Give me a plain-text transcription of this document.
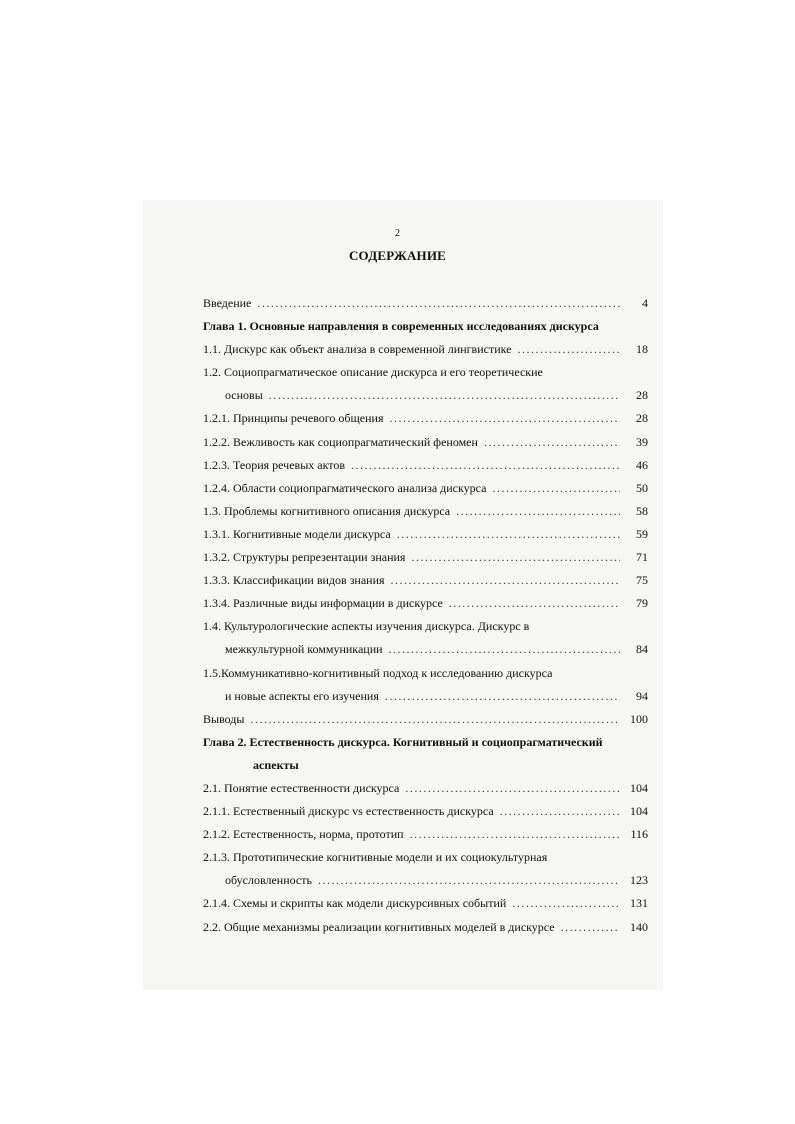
2
СОДЕРЖАНИЕ
Введение .....	4
Глава 1. Основные направления в современных исследованиях дискурса
1.1. Дискурс как объект анализа в современной лингвистике .....	18
1.2. Социопрагматическое описание дискурса и его теоретические
основы .....	28
1.2.1. Принципы речевого общения .....	28
1.2.2. Вежливость как социопрагматический феномен .....	39
1.2.3. Теория речевых актов .....	46
1.2.4. Области социопрагматического анализа дискурса .....	50
1.3. Проблемы когнитивного описания дискурса .....	58
1.3.1. Когнитивные модели дискурса .....	59
1.3.2. Структуры репрезентации знания .....	71
1.3.3. Классификации видов знания .....	75
1.3.4. Различные виды информации в дискурсе .....	79
1.4. Культурологические аспекты изучения дискурса. Дискурс в
межкультурной коммуникации .....	84
1.5.Коммуникативно-когнитивный подход к исследованию дискурса
и новые аспекты его изучения .....	94
Выводы .....	100
Глава 2. Естественность дискурса. Когнитивный и социопрагматический
аспекты
2.1. Понятие естественности дискурса .....	104
2.1.1. Естественный дискурс vs естественность дискурса .....	104
2.1.2. Естественность, норма, прототип .....	116
2.1.3. Прототипические когнитивные модели и их социокультурная
обусловленность .....	123
2.1.4. Схемы и скрипты как модели дискурсивных событий .....	131
2.2. Общие механизмы реализации когнитивных моделей в дискурсе .....	140
